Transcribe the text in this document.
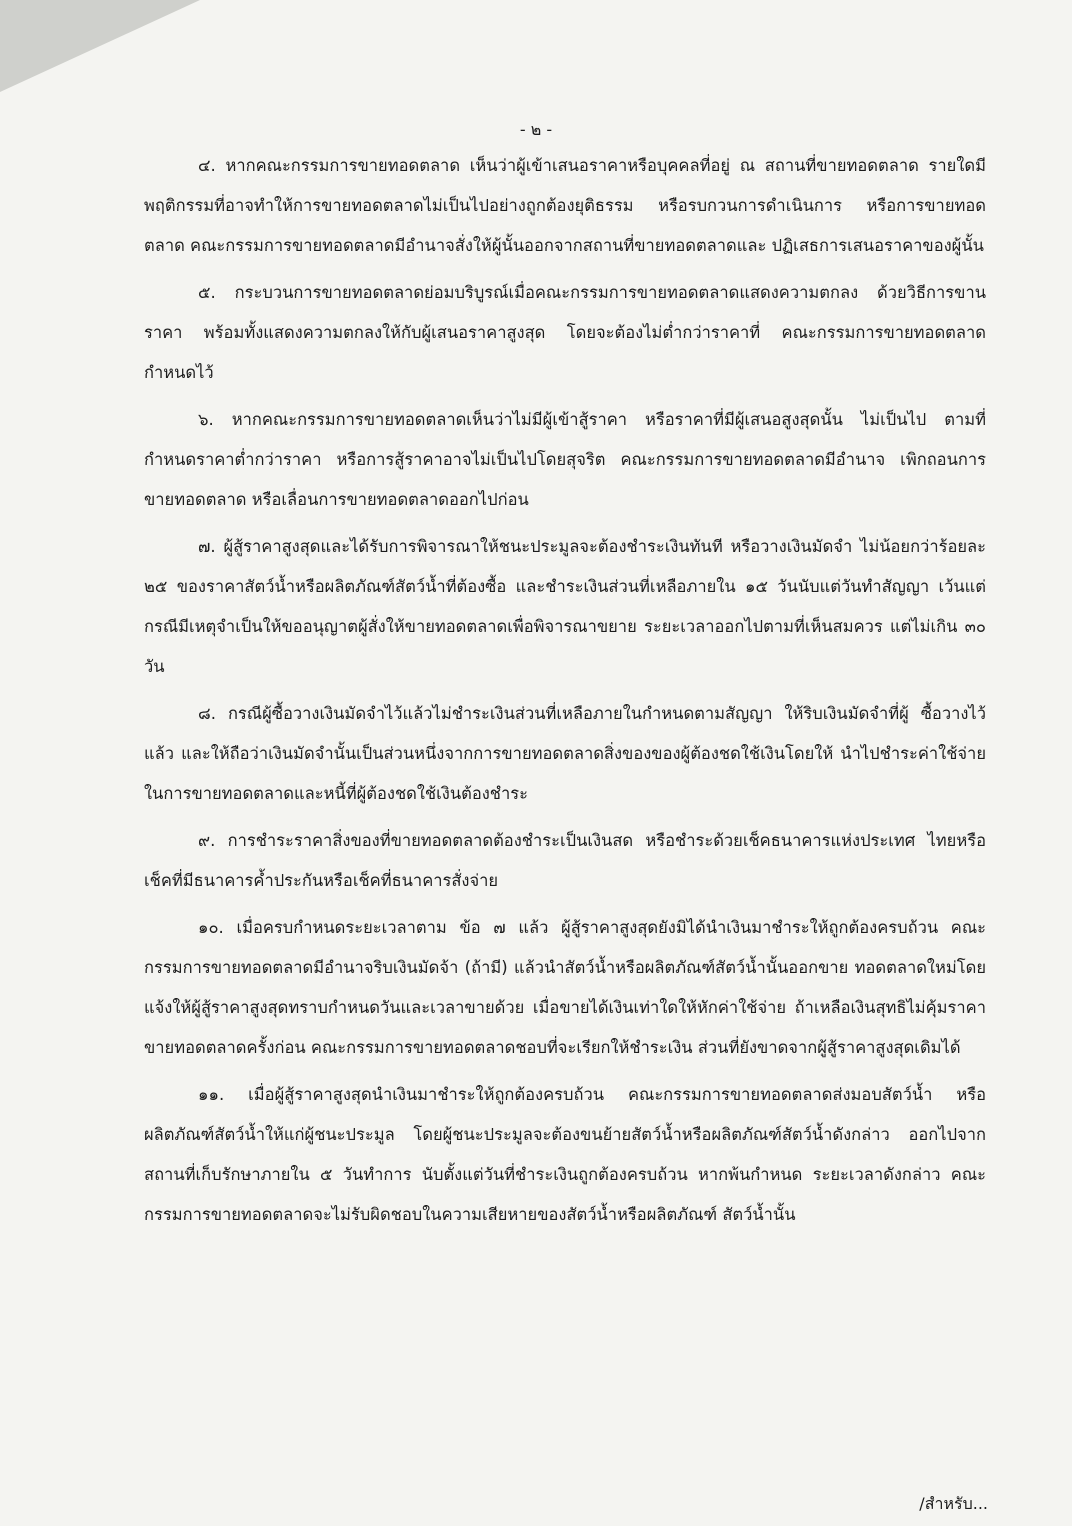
- ๒ -

๔. หากคณะกรรมการขายทอดตลาด เห็นว่าผู้เข้าเสนอราคาหรือบุคคลที่อยู่ ณ สถานที่ขายทอดตลาด รายใดมีพฤติกรรมที่อาจทำให้การขายทอดตลาดไม่เป็นไปอย่างถูกต้องยุติธรรม หรือรบกวนการดำเนินการ หรือการขายทอดตลาด คณะกรรมการขายทอดตลาดมีอำนาจสั่งให้ผู้นั้นออกจากสถานที่ขายทอดตลาดและ ปฏิเสธการเสนอราคาของผู้นั้น

๕. กระบวนการขายทอดตลาดย่อมบริบูรณ์เมื่อคณะกรรมการขายทอดตลาดแสดงความตกลง ด้วยวิธีการขานราคา พร้อมทั้งแสดงความตกลงให้กับผู้เสนอราคาสูงสุด โดยจะต้องไม่ต่ำกว่าราคาที่ คณะกรรมการขายทอดตลาดกำหนดไว้

๖. หากคณะกรรมการขายทอดตลาดเห็นว่าไม่มีผู้เข้าสู้ราคา หรือราคาที่มีผู้เสนอสูงสุดนั้น ไม่เป็นไป ตามที่กำหนดราคาต่ำกว่าราคา หรือการสู้ราคาอาจไม่เป็นไปโดยสุจริต คณะกรรมการขายทอดตลาดมีอำนาจ เพิกถอนการขายทอดตลาด หรือเลื่อนการขายทอดตลาดออกไปก่อน

๗. ผู้สู้ราคาสูงสุดและได้รับการพิจารณาให้ชนะประมูลจะต้องชำระเงินทันที หรือวางเงินมัดจำ ไม่น้อยกว่าร้อยละ ๒๕ ของราคาสัตว์น้ำหรือผลิตภัณฑ์สัตว์น้ำที่ต้องซื้อ และชำระเงินส่วนที่เหลือภายใน ๑๕ วันนับแต่วันทำสัญญา เว้นแต่กรณีมีเหตุจำเป็นให้ขออนุญาตผู้สั่งให้ขายทอดตลาดเพื่อพิจารณาขยาย ระยะเวลาออกไปตามที่เห็นสมควร แต่ไม่เกิน ๓๐ วัน

๘. กรณีผู้ซื้อวางเงินมัดจำไว้แล้วไม่ชำระเงินส่วนที่เหลือภายในกำหนดตามสัญญา ให้ริบเงินมัดจำที่ผู้ ซื้อวางไว้แล้ว และให้ถือว่าเงินมัดจำนั้นเป็นส่วนหนึ่งจากการขายทอดตลาดสิ่งของของผู้ต้องชดใช้เงินโดยให้ นำไปชำระค่าใช้จ่ายในการขายทอดตลาดและหนี้ที่ผู้ต้องชดใช้เงินต้องชำระ

๙. การชำระราคาสิ่งของที่ขายทอดตลาดต้องชำระเป็นเงินสด หรือชำระด้วยเช็คธนาคารแห่งประเทศ ไทยหรือเช็คที่มีธนาคารค้ำประกันหรือเช็คที่ธนาคารสั่งจ่าย

๑๐. เมื่อครบกำหนดระยะเวลาตาม ข้อ ๗ แล้ว ผู้สู้ราคาสูงสุดยังมิได้นำเงินมาชำระให้ถูกต้องครบถ้วน คณะกรรมการขายทอดตลาดมีอำนาจริบเงินมัดจ้า (ถ้ามี) แล้วนำสัตว์น้ำหรือผลิตภัณฑ์สัตว์น้ำนั้นออกขาย ทอดตลาดใหม่โดยแจ้งให้ผู้สู้ราคาสูงสุดทราบกำหนดวันและเวลาขายด้วย เมื่อขายได้เงินเท่าใดให้หักค่าใช้จ่าย ถ้าเหลือเงินสุทธิไม่คุ้มราคาขายทอดตลาดครั้งก่อน คณะกรรมการขายทอดตลาดชอบที่จะเรียกให้ชำระเงิน ส่วนที่ยังขาดจากผู้สู้ราคาสูงสุดเดิมได้

๑๑. เมื่อผู้สู้ราคาสูงสุดนำเงินมาชำระให้ถูกต้องครบถ้วน คณะกรรมการขายทอดตลาดส่งมอบสัตว์น้ำ หรือผลิตภัณฑ์สัตว์น้ำให้แก่ผู้ชนะประมูล โดยผู้ชนะประมูลจะต้องขนย้ายสัตว์น้ำหรือผลิตภัณฑ์สัตว์น้ำดังกล่าว ออกไปจากสถานที่เก็บรักษาภายใน ๕ วันทำการ นับตั้งแต่วันที่ชำระเงินถูกต้องครบถ้วน หากพ้นกำหนด ระยะเวลาดังกล่าว คณะกรรมการขายทอดตลาดจะไม่รับผิดชอบในความเสียหายของสัตว์น้ำหรือผลิตภัณฑ์ สัตว์น้ำนั้น

/สำหรับ...
